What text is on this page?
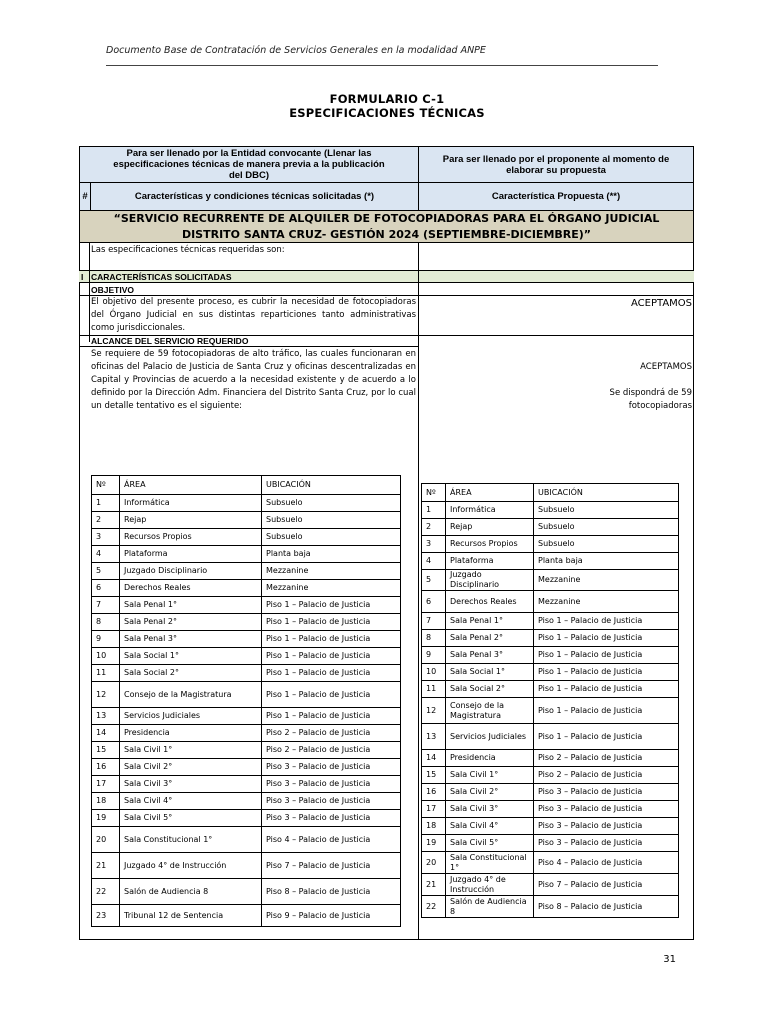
Documento Base de Contratación de Servicios Generales en la modalidad ANPE
FORMULARIO C-1
ESPECIFICACIONES TÉCNICAS
Para ser llenado por la Entidad convocante (Llenar las especificaciones técnicas de manera previa a la publicación del DBC)
Para ser llenado por el proponente al momento de elaborar su propuesta
#	Características y condiciones técnicas solicitadas (*)	Característica Propuesta (**)
“SERVICIO RECURRENTE DE ALQUILER DE FOTOCOPIADORAS PARA EL ÓRGANO JUDICIAL DISTRITO SANTA CRUZ- GESTIÓN 2024 (SEPTIEMBRE-DICIEMBRE)”
Las especificaciones técnicas requeridas son:
I CARACTERÍSTICAS SOLICITADAS
OBJETIVO
El objetivo del presente proceso, es cubrir la necesidad de fotocopiadoras del Órgano Judicial en sus distintas reparticiones tanto administrativas como jurisdiccionales.
ACEPTAMOS
ALCANCE DEL SERVICIO REQUERIDO
Se requiere de 59 fotocopiadoras de alto tráfico, las cuales funcionaran en oficinas del Palacio de Justicia de Santa Cruz y oficinas descentralizadas en Capital y Provincias de acuerdo a la necesidad existente y de acuerdo a lo definido por la Dirección Adm. Financiera del Distrito Santa Cruz, por lo cual un detalle tentativo es el siguiente:
ACEPTAMOS
Se dispondrá de 59 fotocopiadoras
Nº	ÁREA	UBICACIÓN
1	Informática	Subsuelo
2	Rejap	Subsuelo
3	Recursos Propios	Subsuelo
4	Plataforma	Planta baja
5	Juzgado Disciplinario	Mezzanine
6	Derechos Reales	Mezzanine
7	Sala Penal 1°	Piso 1 – Palacio de Justicia
8	Sala Penal 2°	Piso 1 – Palacio de Justicia
9	Sala Penal 3°	Piso 1 – Palacio de Justicia
10	Sala Social 1°	Piso 1 – Palacio de Justicia
11	Sala Social 2°	Piso 1 – Palacio de Justicia
12	Consejo de la Magistratura	Piso 1 – Palacio de Justicia
13	Servicios Judiciales	Piso 1 – Palacio de Justicia
14	Presidencia	Piso 2 – Palacio de Justicia
15	Sala Civil 1°	Piso 2 – Palacio de Justicia
16	Sala Civil 2°	Piso 3 – Palacio de Justicia
17	Sala Civil 3°	Piso 3 – Palacio de Justicia
18	Sala Civil 4°	Piso 3 – Palacio de Justicia
19	Sala Civil 5°	Piso 3 – Palacio de Justicia
20	Sala Constitucional 1°	Piso 4 – Palacio de Justicia
21	Juzgado 4° de Instrucción	Piso 7 – Palacio de Justicia
22	Salón de Audiencia 8	Piso 8 – Palacio de Justicia
23	Tribunal 12 de Sentencia	Piso 9 – Palacio de Justicia
Nº	ÁREA	UBICACIÓN
1	Informática	Subsuelo
2	Rejap	Subsuelo
3	Recursos Propios	Subsuelo
4	Plataforma	Planta baja
5	Juzgado Disciplinario	Mezzanine
6	Derechos Reales	Mezzanine
7	Sala Penal 1°	Piso 1 – Palacio de Justicia
8	Sala Penal 2°	Piso 1 – Palacio de Justicia
9	Sala Penal 3°	Piso 1 – Palacio de Justicia
10	Sala Social 1°	Piso 1 – Palacio de Justicia
11	Sala Social 2°	Piso 1 – Palacio de Justicia
12	Consejo de la Magistratura	Piso 1 – Palacio de Justicia
13	Servicios Judiciales	Piso 1 – Palacio de Justicia
14	Presidencia	Piso 2 – Palacio de Justicia
15	Sala Civil 1°	Piso 2 – Palacio de Justicia
16	Sala Civil 2°	Piso 3 – Palacio de Justicia
17	Sala Civil 3°	Piso 3 – Palacio de Justicia
18	Sala Civil 4°	Piso 3 – Palacio de Justicia
19	Sala Civil 5°	Piso 3 – Palacio de Justicia
20	Sala Constitucional 1°	Piso 4 – Palacio de Justicia
21	Juzgado 4° de Instrucción	Piso 7 – Palacio de Justicia
22	Salón de Audiencia 8	Piso 8 – Palacio de Justicia
31
